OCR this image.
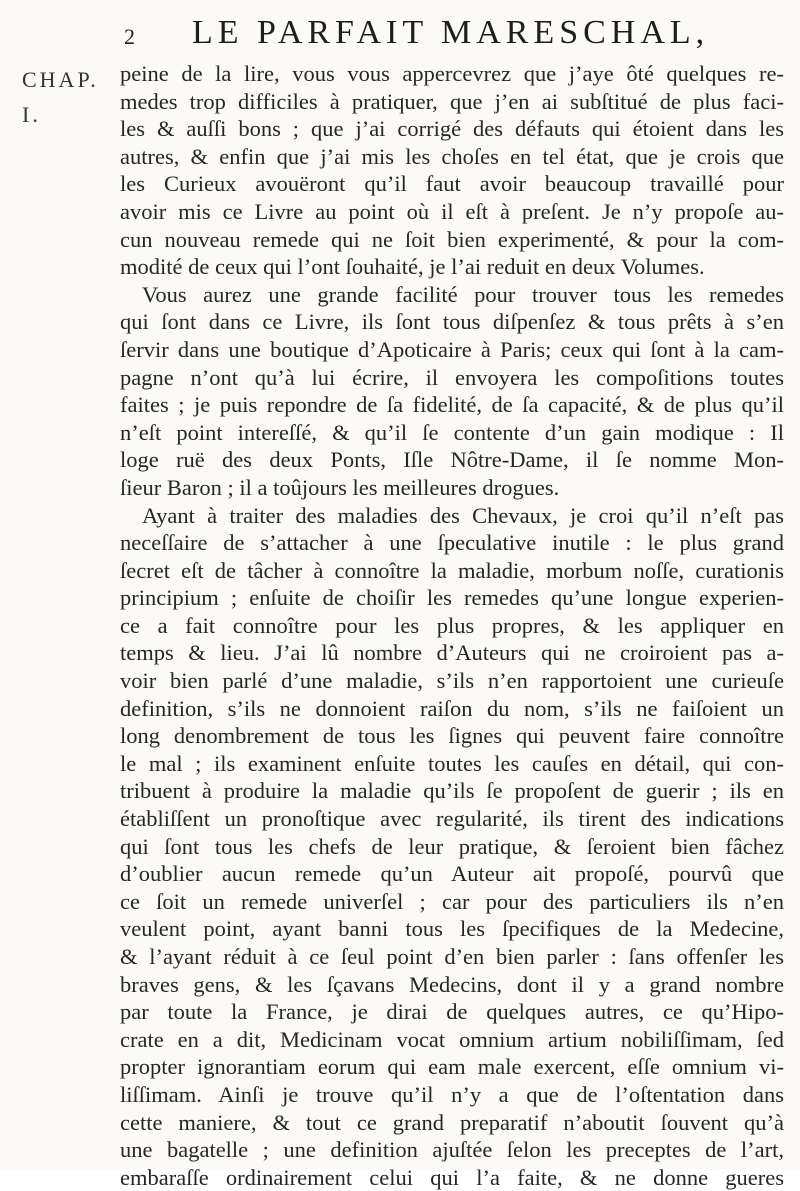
2 LE PARFAIT MARESCHAL,
CHAP.
I.
peine de la lire, vous vous appercevrez que j’aye ôté quelques re-
medes trop difficiles à pratiquer, que j’en ai subſtitué de plus faci-
les & auſſi bons ; que j’ai corrigé des défauts qui étoient dans les
autres, & enfin que j’ai mis les choſes en tel état, que je crois que
les Curieux avouëront qu’il faut avoir beaucoup travaillé pour
avoir mis ce Livre au point où il eſt à preſent. Je n’y propoſe au-
cun nouveau remede qui ne ſoit bien experimenté, & pour la com-
modité de ceux qui l’ont ſouhaité, je l’ai reduit en deux Volumes.
Vous aurez une grande facilité pour trouver tous les remedes
qui ſont dans ce Livre, ils ſont tous diſpenſez & tous prêts à s’en
ſervir dans une boutique d’Apoticaire à Paris; ceux qui ſont à la cam-
pagne n’ont qu’à lui écrire, il envoyera les compoſitions toutes
faites ; je puis repondre de ſa fidelité, de ſa capacité, & de plus qu’il
n’eſt point intereſſé, & qu’il ſe contente d’un gain modique : Il
loge ruë des deux Ponts, Iſle Nôtre-Dame, il ſe nomme Mon-
ſieur Baron ; il a toûjours les meilleures drogues.
Ayant à traiter des maladies des Chevaux, je croi qu’il n’eſt pas
neceſſaire de s’attacher à une ſpeculative inutile : le plus grand
ſecret eſt de tâcher à connoître la maladie, morbum noſſe, curationis
principium ; enſuite de choiſir les remedes qu’une longue experien-
ce a fait connoître pour les plus propres, & les appliquer en
temps & lieu. J’ai lû nombre d’Auteurs qui ne croiroient pas a-
voir bien parlé d’une maladie, s’ils n’en rapportoient une curieuſe
definition, s’ils ne donnoient raiſon du nom, s’ils ne faiſoient un
long denombrement de tous les ſignes qui peuvent faire connoître
le mal ; ils examinent enſuite toutes les cauſes en détail, qui con-
tribuent à produire la maladie qu’ils ſe propoſent de guerir ; ils en
établiſſent un pronoſtique avec regularité, ils tirent des indications
qui ſont tous les chefs de leur pratique, & ſeroient bien fâchez
d’oublier aucun remede qu’un Auteur ait propoſé, pourvû que
ce ſoit un remede univerſel ; car pour des particuliers ils n’en
veulent point, ayant banni tous les ſpecifiques de la Medecine,
& l’ayant réduit à ce ſeul point d’en bien parler : ſans offenſer les
braves gens, & les ſçavans Medecins, dont il y a grand nombre
par toute la France, je dirai de quelques autres, ce qu’Hipo-
crate en a dit, Medicinam vocat omnium artium nobiliſſimam, ſed
propter ignorantiam eorum qui eam male exercent, eſſe omnium vi-
liſſimam. Ainſi je trouve qu’il n’y a que de l’oſtentation dans
cette maniere, & tout ce grand preparatif n’aboutit ſouvent qu’à
une bagatelle ; une definition ajuſtée ſelon les preceptes de l’art,
embaraſſe ordinairement celui qui l’a faite, & ne donne gueres
